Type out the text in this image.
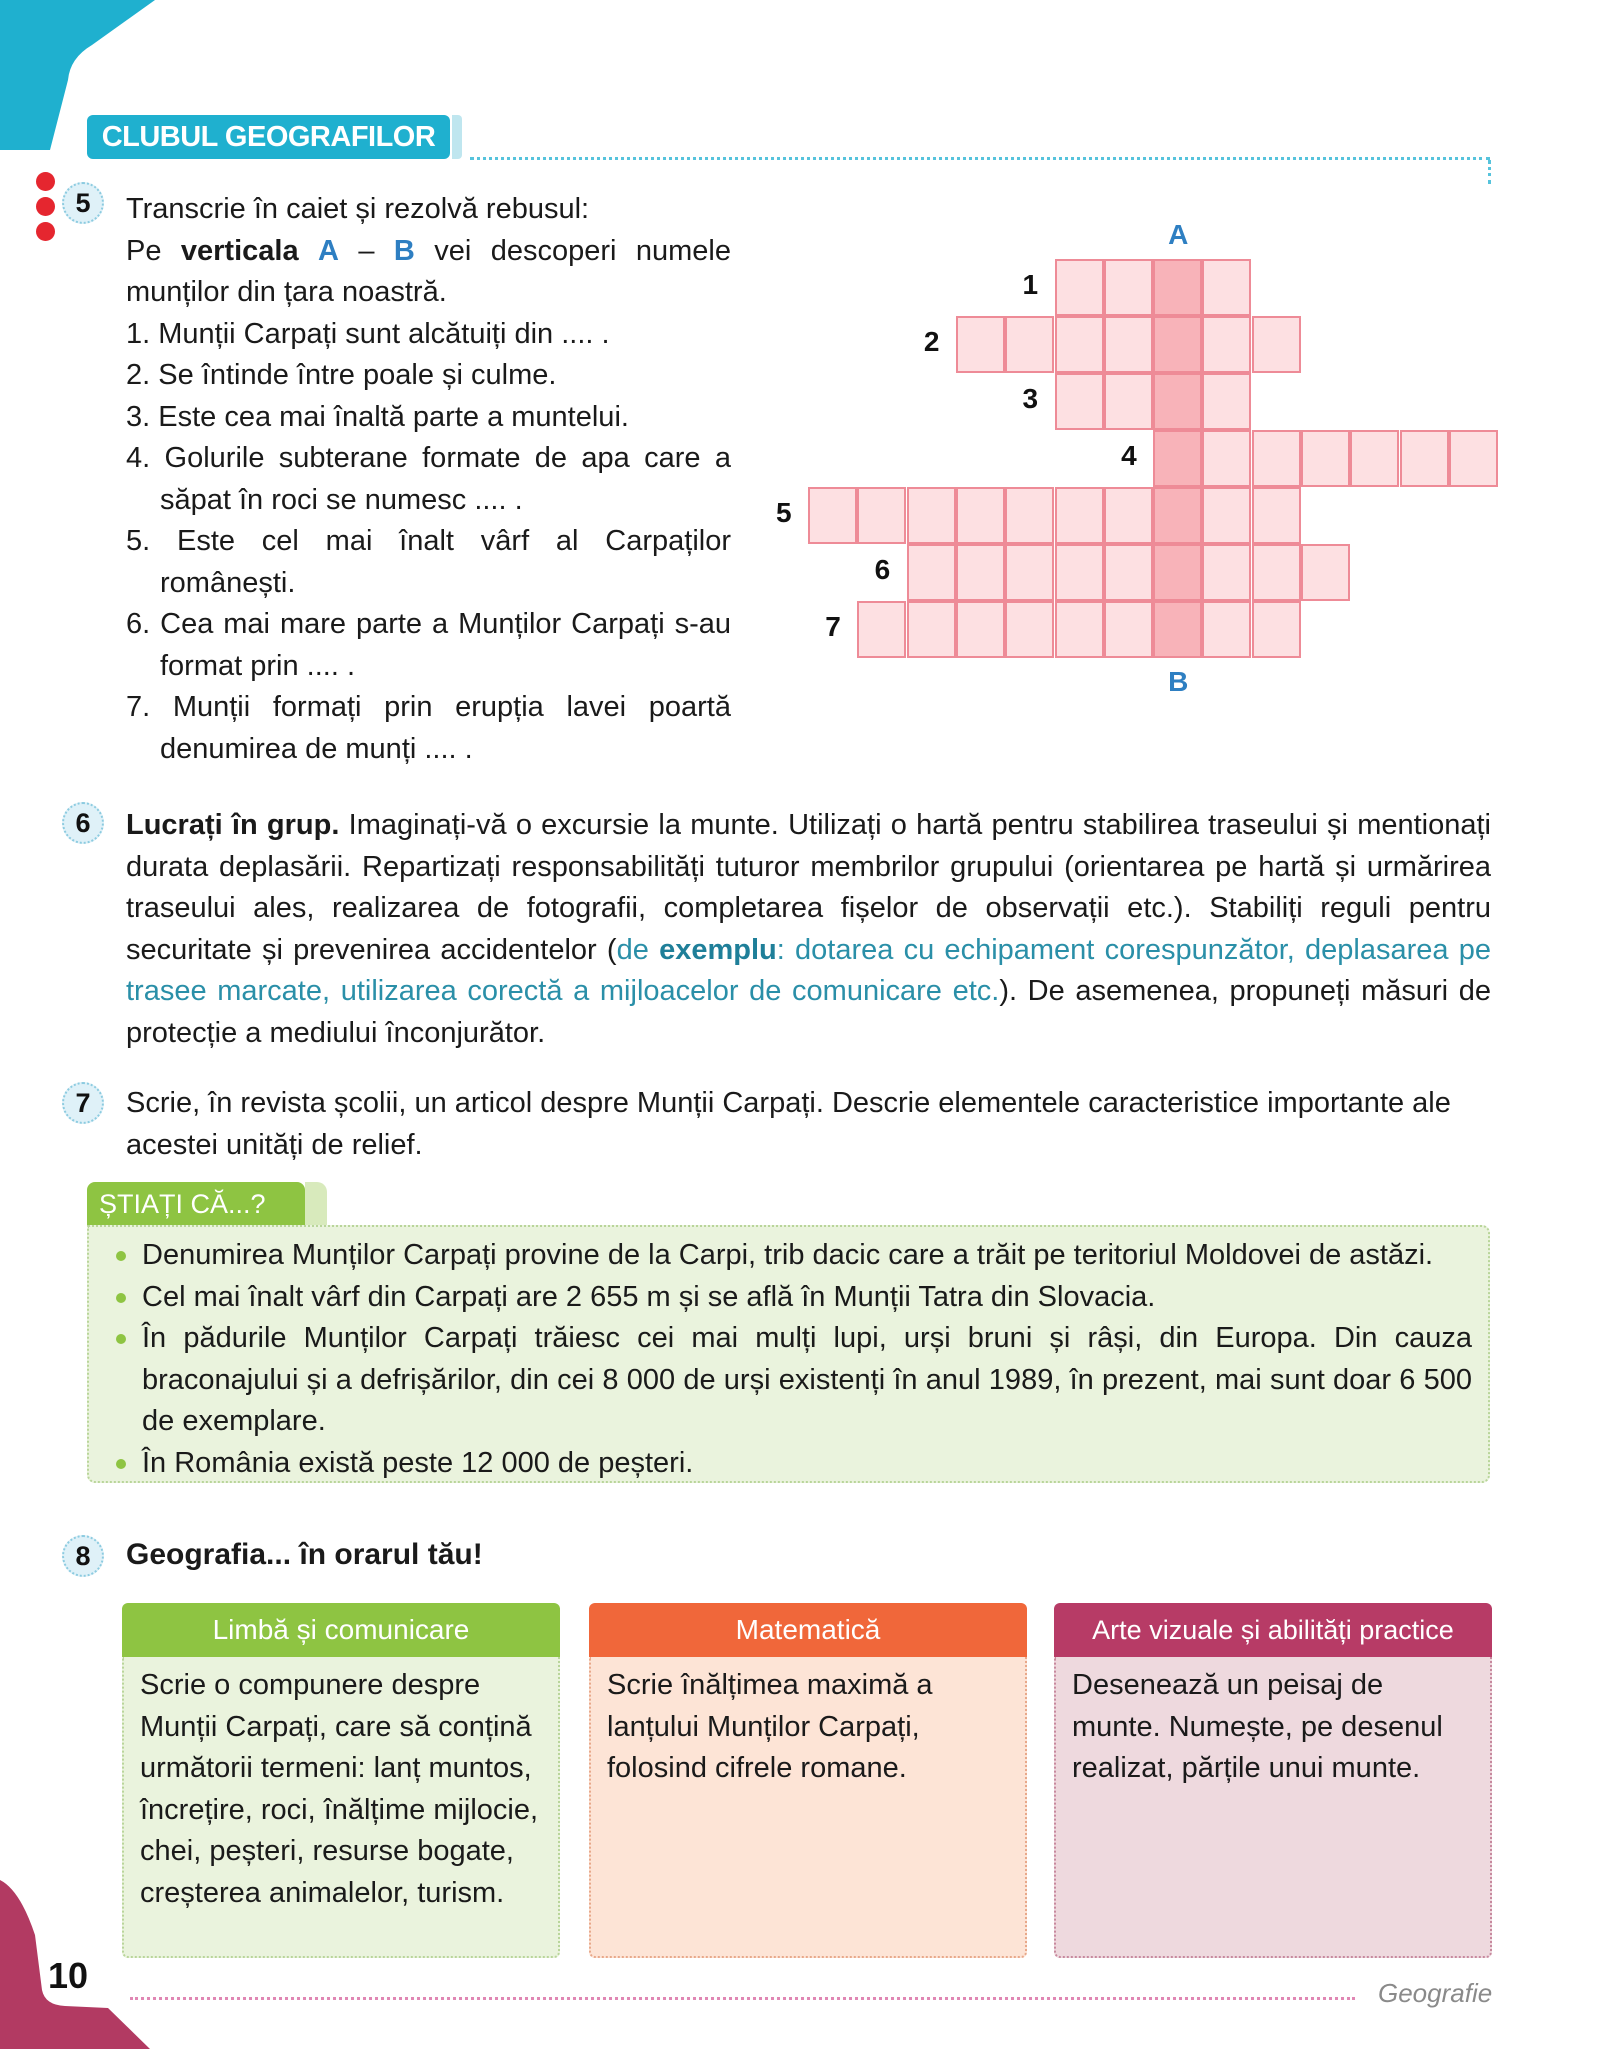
CLUBUL GEOGRAFILOR
5	Transcrie în caiet și rezolvă rebusul:
Pe verticala A – B vei descoperi numele munților din țara noastră.
1. Munții Carpați sunt alcătuiți din .... .
2. Se întinde între poale și culme.
3. Este cea mai înaltă parte a muntelui.
4. Golurile subterane formate de apa care a săpat în roci se numesc .... .
5. Este cel mai înalt vârf al Carpaților românești.
6. Cea mai mare parte a Munților Carpați s-au format prin .... .
7. Munții formați prin erupția lavei poartă denumirea de munți .... .
A
B
1
2
3
4
5
6
7
6	Lucrați în grup. Imaginați-vă o excursie la munte. Utilizați o hartă pentru stabilirea traseului și mentionați durata deplasării. Repartizați responsabilități tuturor membrilor grupului (orientarea pe hartă și urmărirea traseului ales, realizarea de fotografii, completarea fișelor de observații etc.). Stabiliți reguli pentru securitate și prevenirea accidentelor (de exemplu: dotarea cu echipament corespunzător, deplasarea pe trasee marcate, utilizarea corectă a mijloacelor de comunicare etc.). De asemenea, propuneți măsuri de protecție a mediului înconjurător.
7	Scrie, în revista școlii, un articol despre Munții Carpați. Descrie elementele caracteristice importante ale acestei unități de relief.
ȘTIAȚI CĂ...?
Denumirea Munților Carpați provine de la Carpi, trib dacic care a trăit pe teritoriul Moldovei de astăzi.
Cel mai înalt vârf din Carpați are 2 655 m și se află în Munții Tatra din Slovacia.
În pădurile Munților Carpați trăiesc cei mai mulți lupi, urși bruni și râși, din Europa. Din cauza braconajului și a defrișărilor, din cei 8 000 de urși existenți în anul 1989, în prezent, mai sunt doar 6 500 de exemplare.
În România există peste 12 000 de peșteri.
8	Geografia... în orarul tău!
Limbă și comunicare
Scrie o compunere despre Munții Carpați, care să conțină următorii termeni: lanț muntos, încrețire, roci, înălțime mijlocie, chei, peșteri, resurse bogate, creșterea animalelor, turism.
Matematică
Scrie înălțimea maximă a lanțului Munților Carpați, folosind cifrele romane.
Arte vizuale și abilități practice
Desenează un peisaj de munte. Numește, pe desenul realizat, părțile unui munte.
10	Geografie
